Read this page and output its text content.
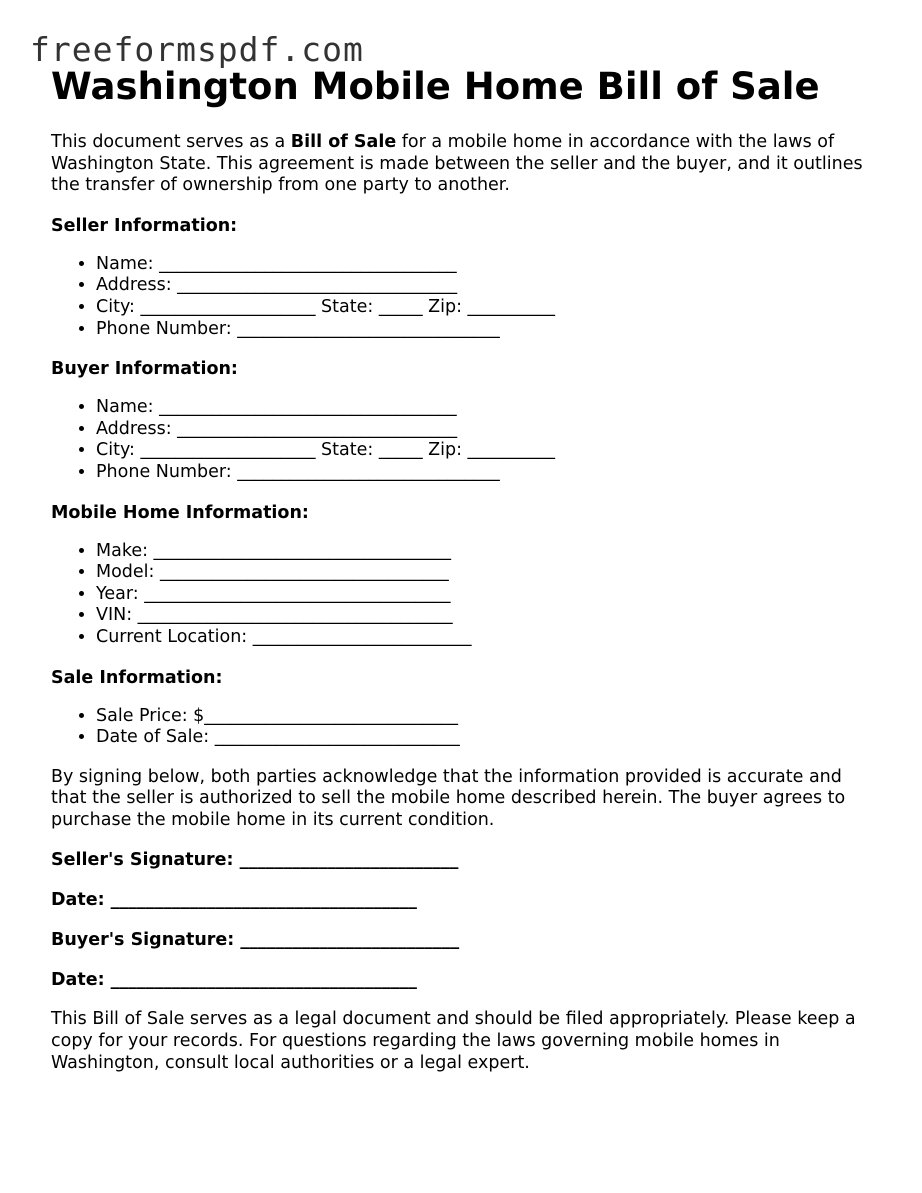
freeformspdf.com
Washington Mobile Home Bill of Sale

This document serves as a Bill of Sale for a mobile home in accordance with the laws of Washington State. This agreement is made between the seller and the buyer, and it outlines the transfer of ownership from one party to another.

Seller Information:
• Name: __________________________________
• Address: ________________________________
• City: ____________________ State: _____ Zip: __________
• Phone Number: ______________________________
Buyer Information:
• Name: __________________________________
• Address: ________________________________
• City: ____________________ State: _____ Zip: __________
• Phone Number: ______________________________
Mobile Home Information:
• Make: __________________________________
• Model: _________________________________
• Year: ___________________________________
• VIN: ____________________________________
• Current Location: _________________________
Sale Information:
• Sale Price: $_____________________________
• Date of Sale: ____________________________

By signing below, both parties acknowledge that the information provided is accurate and that the seller is authorized to sell the mobile home described herein. The buyer agrees to purchase the mobile home in its current condition.

Seller's Signature: _________________________
Date: ___________________________________
Buyer's Signature: _________________________
Date: ___________________________________

This Bill of Sale serves as a legal document and should be filed appropriately. Please keep a copy for your records. For questions regarding the laws governing mobile homes in Washington, consult local authorities or a legal expert.
